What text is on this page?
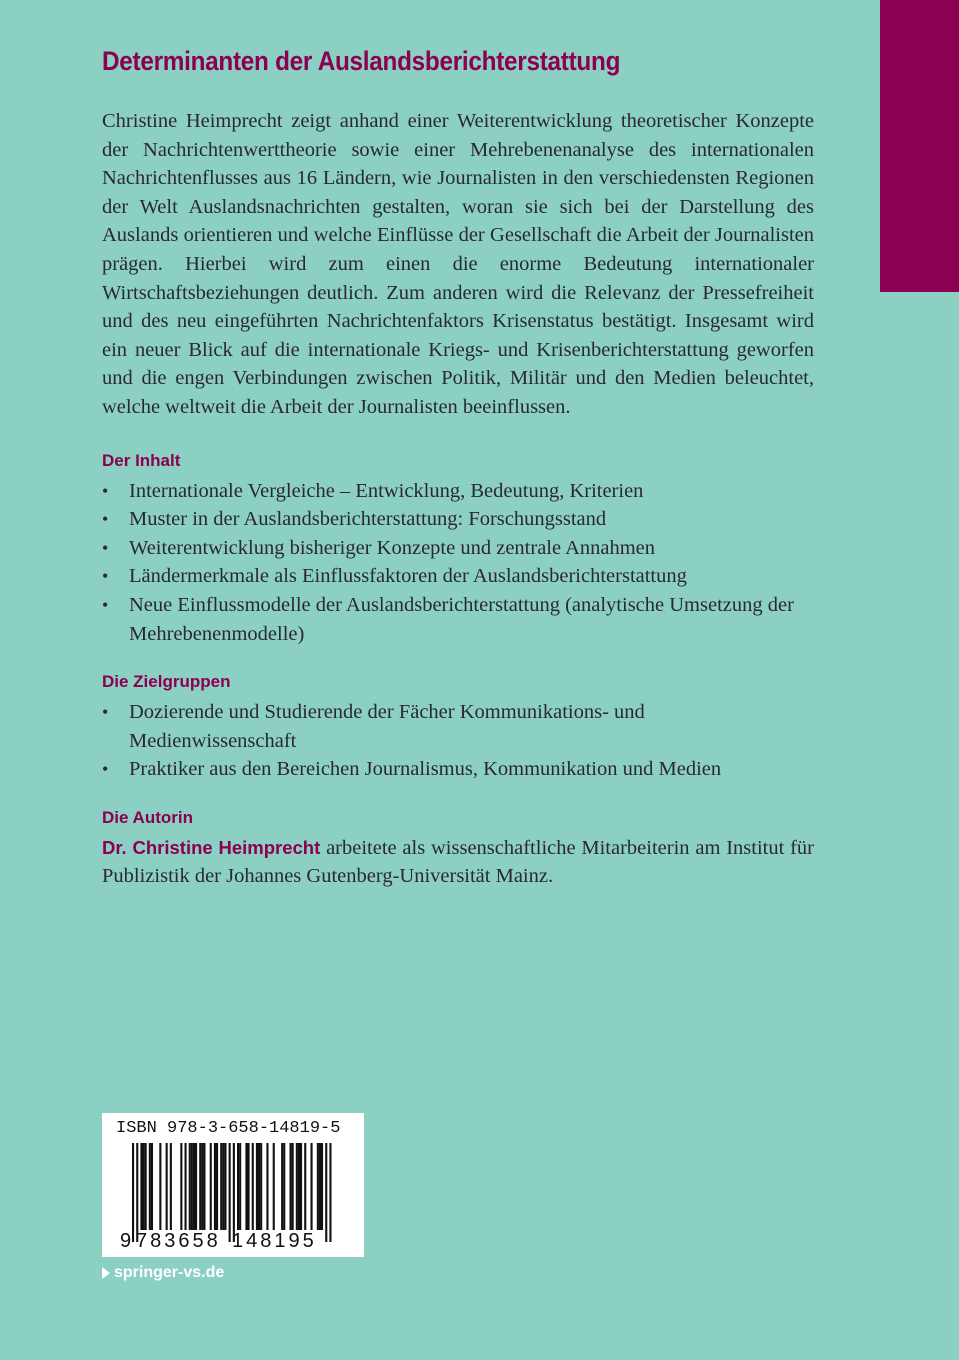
Determinanten der Auslandsberichterstattung

Christine Heimprecht zeigt anhand einer Weiterentwicklung theoretischer Konzepte der Nachrichtenwerttheorie sowie einer Mehrebenenanalyse des internationalen Nachrichtenflusses aus 16 Ländern, wie Journalisten in den verschiedensten Regionen der Welt Auslandsnachrichten gestalten, woran sie sich bei der Darstellung des Auslands orientieren und welche Einflüsse der Gesellschaft die Arbeit der Journalisten prägen. Hierbei wird zum einen die enorme Bedeutung internationaler Wirtschaftsbeziehungen deutlich. Zum anderen wird die Relevanz der Pressefreiheit und des neu eingeführten Nachrichtenfaktors Krisenstatus bestätigt. Insgesamt wird ein neuer Blick auf die internationale Kriegs- und Krisenberichterstattung geworfen und die engen Verbindungen zwischen Politik, Militär und den Medien beleuchtet, welche weltweit die Arbeit der Journalisten beeinflussen.

Der Inhalt
• Internationale Vergleiche – Entwicklung, Bedeutung, Kriterien
• Muster in der Auslandsberichterstattung: Forschungsstand
• Weiterentwicklung bisheriger Konzepte und zentrale Annahmen
• Ländermerkmale als Einflussfaktoren der Auslandsberichterstattung
• Neue Einflussmodelle der Auslandsberichterstattung (analytische Umsetzung der Mehrebenenmodelle)
Die Zielgruppen
• Dozierende und Studierende der Fächer Kommunikations- und Medienwissenschaft
• Praktiker aus den Bereichen Journalismus, Kommunikation und Medien
Die Autorin

Dr. Christine Heimprecht arbeitete als wissenschaftliche Mitarbeiterin am Institut für Publizistik der Johannes Gutenberg-Universität Mainz.

ISBN 978-3-658-14819-5
9 783658 148195
springer-vs.de
